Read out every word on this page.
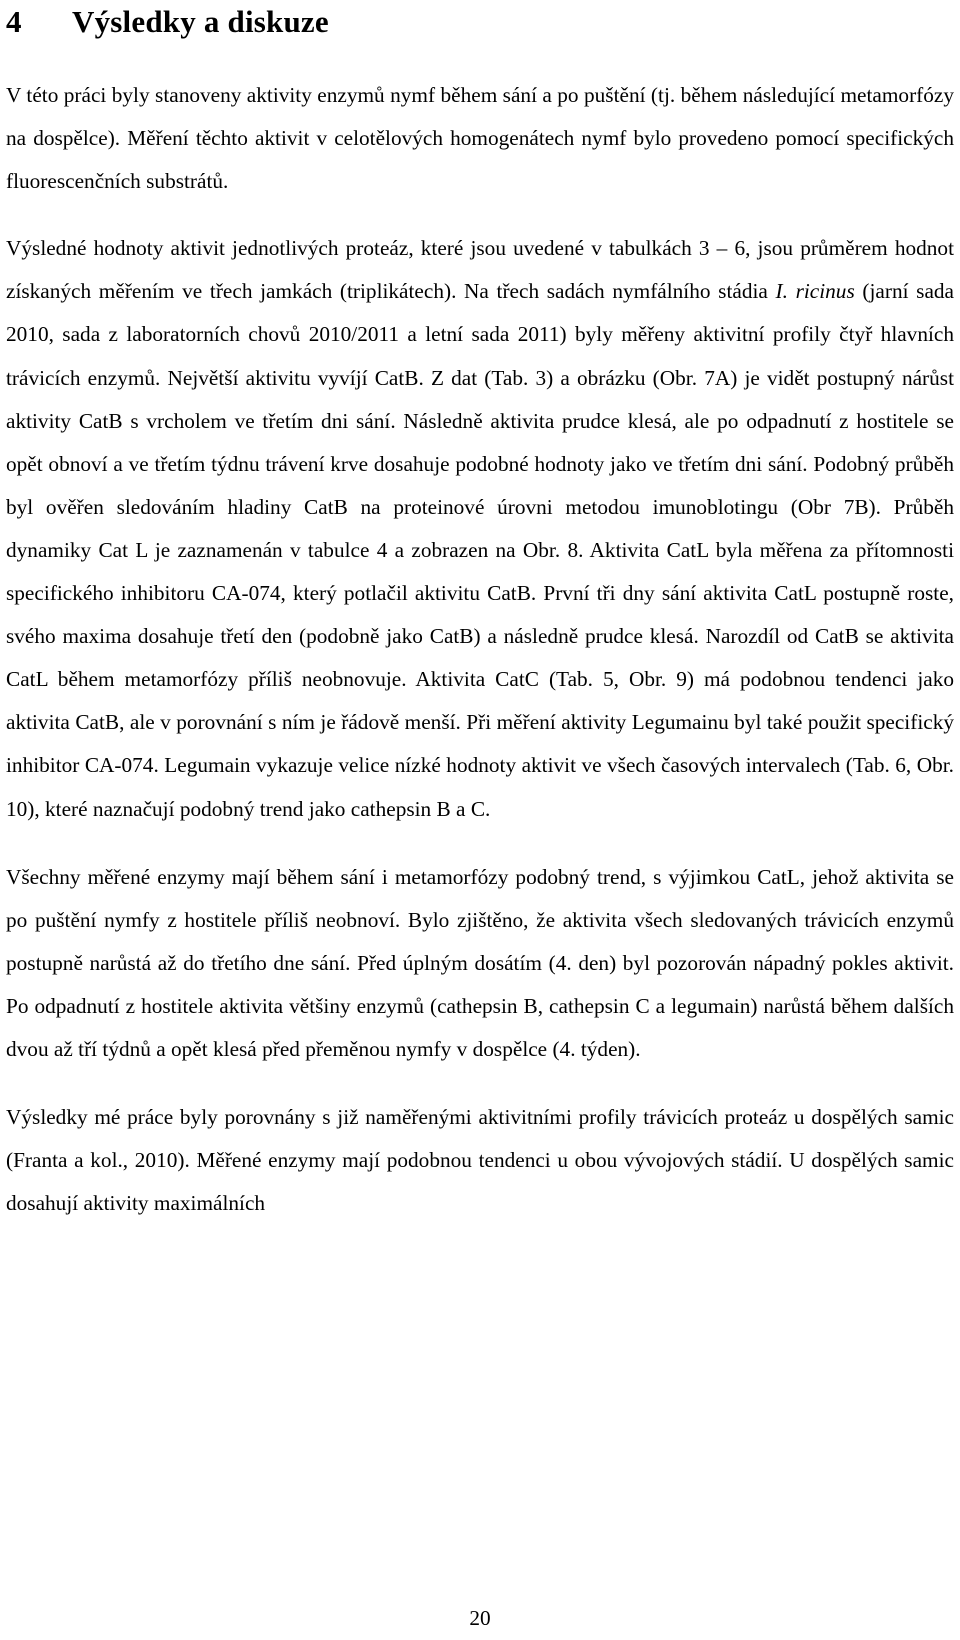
4 Výsledky a diskuze

V této práci byly stanoveny aktivity enzymů nymf během sání a po puštění (tj. během následující metamorfózy na dospělce). Měření těchto aktivit v celotělových homogenátech nymf bylo provedeno pomocí specifických fluorescenčních substrátů.

Výsledné hodnoty aktivit jednotlivých proteáz, které jsou uvedené v tabulkách 3 – 6, jsou průměrem hodnot získaných měřením ve třech jamkách (triplikátech). Na třech sadách nymfálního stádia I. ricinus (jarní sada 2010, sada z laboratorních chovů 2010/2011 a letní sada 2011) byly měřeny aktivitní profily čtyř hlavních trávicích enzymů. Největší aktivitu vyvíjí CatB. Z dat (Tab. 3) a obrázku (Obr. 7A) je vidět postupný nárůst aktivity CatB s vrcholem ve třetím dni sání. Následně aktivita prudce klesá, ale po odpadnutí z hostitele se opět obnoví a ve třetím týdnu trávení krve dosahuje podobné hodnoty jako ve třetím dni sání. Podobný průběh byl ověřen sledováním hladiny CatB na proteinové úrovni metodou imunoblotingu (Obr 7B). Průběh dynamiky Cat L je zaznamenán v tabulce 4 a zobrazen na Obr. 8. Aktivita CatL byla měřena za přítomnosti specifického inhibitoru CA-074, který potlačil aktivitu CatB. První tři dny sání aktivita CatL postupně roste, svého maxima dosahuje třetí den (podobně jako CatB) a následně prudce klesá. Narozdíl od CatB se aktivita CatL během metamorfózy příliš neobnovuje. Aktivita CatC (Tab. 5, Obr. 9) má podobnou tendenci jako aktivita CatB, ale v porovnání s ním je řádově menší. Při měření aktivity Legumainu byl také použit specifický inhibitor CA-074. Legumain vykazuje velice nízké hodnoty aktivit ve všech časových intervalech (Tab. 6, Obr. 10), které naznačují podobný trend jako cathepsin B a C.

Všechny měřené enzymy mají během sání i metamorfózy podobný trend, s výjimkou CatL, jehož aktivita se po puštění nymfy z hostitele příliš neobnoví. Bylo zjištěno, že aktivita všech sledovaných trávicích enzymů postupně narůstá až do třetího dne sání. Před úplným dosátím (4. den) byl pozorován nápadný pokles aktivit. Po odpadnutí z hostitele aktivita většiny enzymů (cathepsin B, cathepsin C a legumain) narůstá během dalších dvou až tří týdnů a opět klesá před přeměnou nymfy v dospělce (4. týden).

Výsledky mé práce byly porovnány s již naměřenými aktivitními profily trávicích proteáz u dospělých samic (Franta a kol., 2010). Měřené enzymy mají podobnou tendenci u obou vývojových stádií. U dospělých samic dosahují aktivity maximálních

20
